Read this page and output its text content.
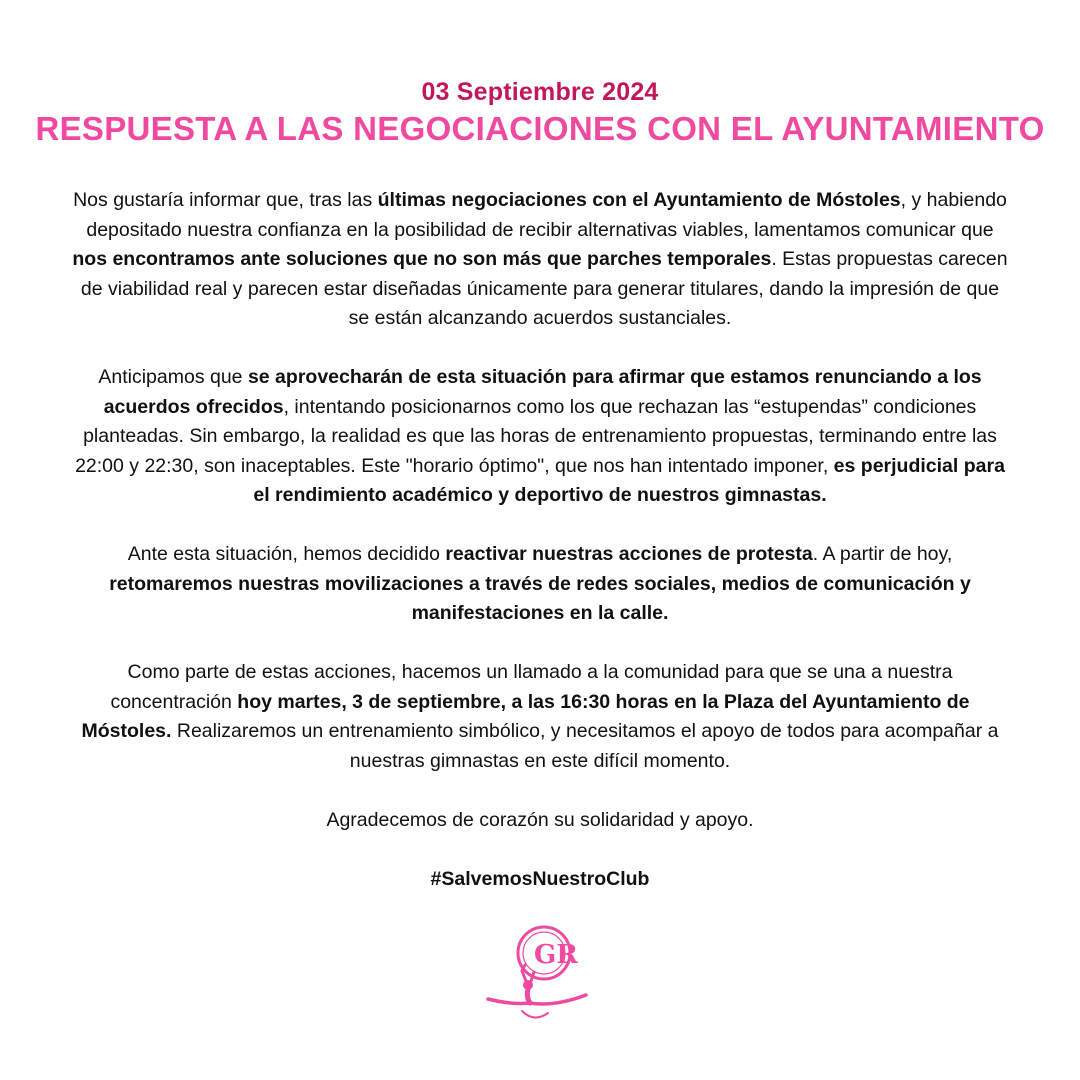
03 Septiembre 2024
RESPUESTA A LAS NEGOCIACIONES CON EL AYUNTAMIENTO

Nos gustaría informar que, tras las últimas negociaciones con el Ayuntamiento de Móstoles, y habiendo depositado nuestra confianza en la posibilidad de recibir alternativas viables, lamentamos comunicar que nos encontramos ante soluciones que no son más que parches temporales. Estas propuestas carecen de viabilidad real y parecen estar diseñadas únicamente para generar titulares, dando la impresión de que se están alcanzando acuerdos sustanciales.

Anticipamos que se aprovecharán de esta situación para afirmar que estamos renunciando a los acuerdos ofrecidos, intentando posicionarnos como los que rechazan las “estupendas” condiciones planteadas. Sin embargo, la realidad es que las horas de entrenamiento propuestas, terminando entre las 22:00 y 22:30, son inaceptables. Este "horario óptimo", que nos han intentado imponer, es perjudicial para el rendimiento académico y deportivo de nuestros gimnastas.

Ante esta situación, hemos decidido reactivar nuestras acciones de protesta. A partir de hoy, retomaremos nuestras movilizaciones a través de redes sociales, medios de comunicación y manifestaciones en la calle.

Como parte de estas acciones, hacemos un llamado a la comunidad para que se una a nuestra concentración hoy martes, 3 de septiembre, a las 16:30 horas en la Plaza del Ayuntamiento de Móstoles. Realizaremos un entrenamiento simbólico, y necesitamos el apoyo de todos para acompañar a nuestras gimnastas en este difícil momento.

Agradecemos de corazón su solidaridad y apoyo.

#SalvemosNuestroClub

GR
